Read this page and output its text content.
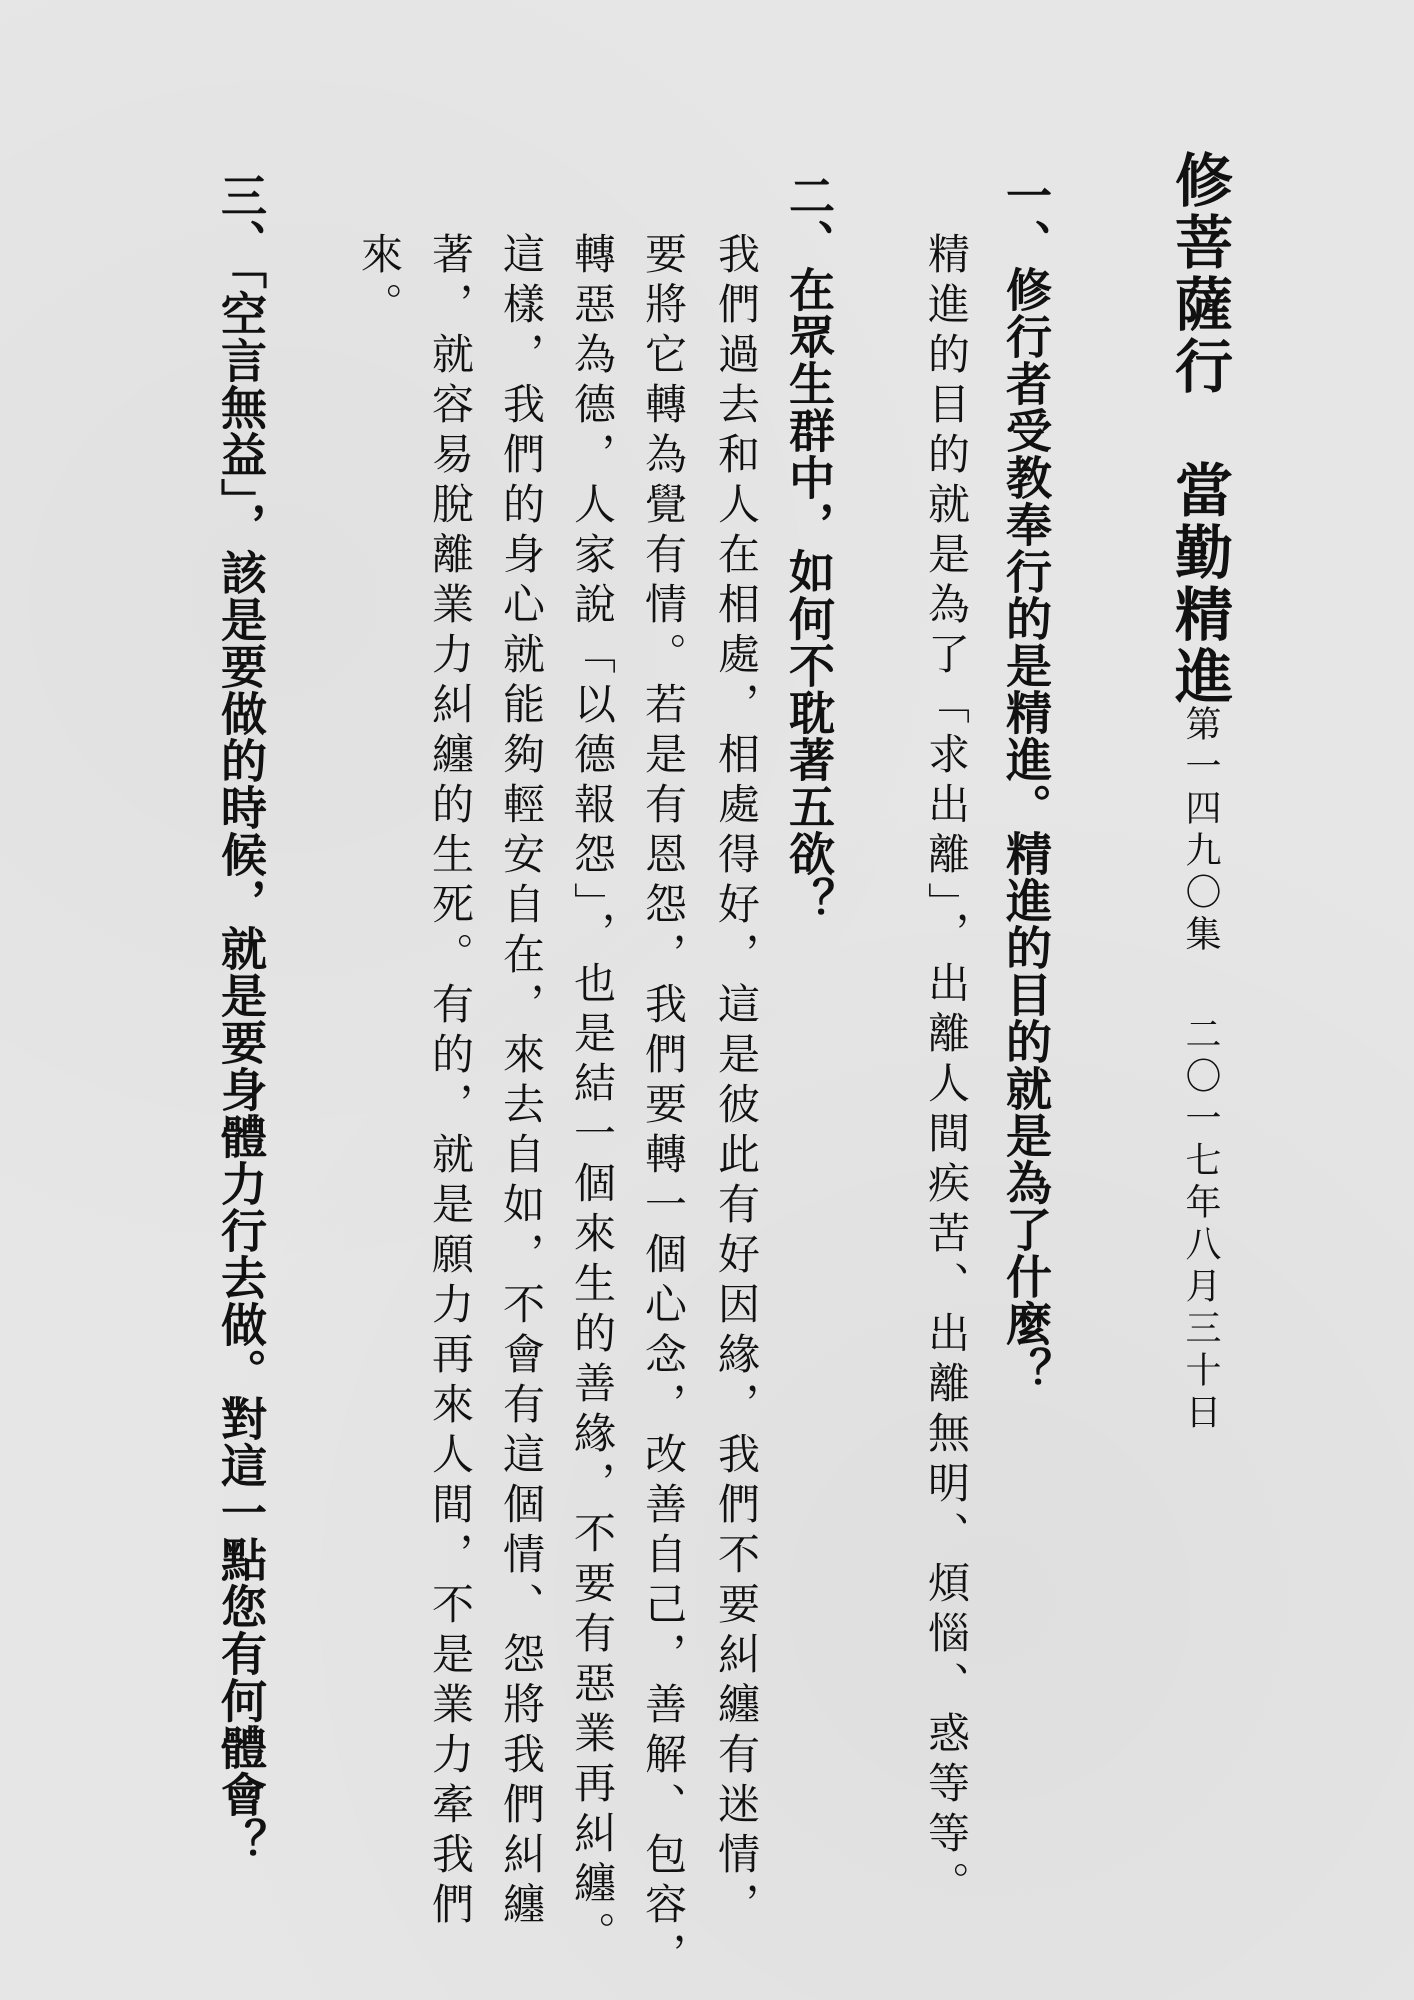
修菩薩行　當勤精進
第一四九〇集二〇一七年八月三十日
一、修行者受教奉行的是精進。精進的目的就是為了什麼？

精進的目的就是為了「求出離」，出離人間疾苦、出離無明、煩惱、惑等等。

二、在眾生群中，如何不耽著五欲？

我們過去和人在相處，相處得好，這是彼此有好因緣，我們不要糾纏有迷情，

要將它轉為覺有情。若是有恩怨，我們要轉一個心念，改善自己，善解、包容，

轉惡為德，人家說「以德報怨」，也是結一個來生的善緣，不要有惡業再糾纏。

這樣，我們的身心就能夠輕安自在，來去自如，不會有這個情、怨將我們糾纏

著，就容易脫離業力糾纏的生死。有的，就是願力再來人間，不是業力牽我們

來。

三、「空言無益」，該是要做的時候，就是要身體力行去做。對這一點您有何體會？
